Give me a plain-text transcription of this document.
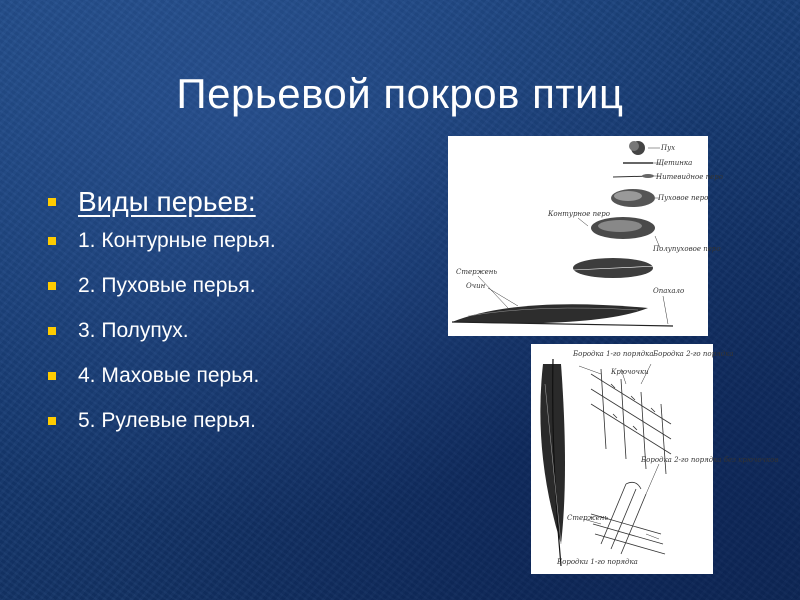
Перьевой покров птиц
Виды перьев:
1. Контурные перья.
2. Пуховые перья.
3. Полупух.
4. Маховые перья.
5. Рулевые перья.
Пух
Щетинка
Нитевидное перо
Пуховое перо
Полупуховое перо
Контурное перо
Стержень
Очин
Опахало
Бородка 1-го порядка Бородка 2-го порядка
Крючочки
Стержень
Бородка 2-го порядка без крючочков
Бородки 1-го порядка
